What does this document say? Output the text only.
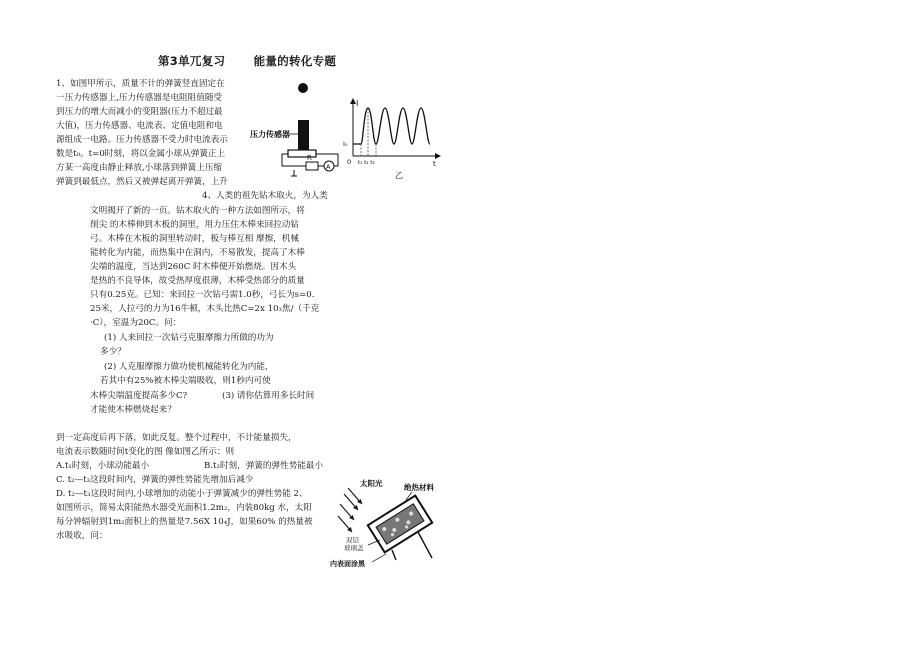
第3单兀复习 能量的转化专题
1、如图甲所示，质量不计的弹簧竖直固定在
一压力传感器上,压力传感器是电阻阻值随受
到压力的增大而减小的变阻器(压力不超过最
大值)，压力传感器、电流表、定值电阻和电
源组成一电路。压力传感器不受力时电流表示
数是t₀。t=0时刻，将以金属小球从弹簧正上
方某一高度由静止释放,小球落到弹簧上压缩
弹簧到最低点，然后又被弹起离开弹簧，上升
压力传感器
R
A
I
I₀
0 t₁ t₂ t₃	t
乙
4、人类的祖先钻木取火，为人类
文明揭开了新的一页。钻木取火的一种方法如图所示，将
削尖 的木棒伸到木板的洞里，用力压住木棒来回拉动钻
弓。木棒在木板的洞里转动时，板与棒互相 摩擦，机械
能转化为内能，而热集中在洞内，不易散发，提高了木棒
尖端的温度，当达到260C 时木棒便开始燃烧。因木头
是热的不良导体，故受热厚度很薄，木棒受热部分的质量
只有0.25克。已知：来回拉一次钻弓需1.0秒，弓长为s=0.
25米，人拉弓的力为16牛顿，木头比热C=2x 10₃焦/（千克
·C），室温为20C。问：
(1) 人来回拉一次钻弓克服摩擦力所做的功为
多少？
(2) 人克服摩擦力做功使机械能转化为内能，
若其中有25%被木棒尖端吸收，则1秒内可使
木棒尖端温度提高多少C?	(3) 请你估算用多长时间
才能使木棒燃烧起来？
到一定高度后再下落，如此反复。整个过程中，不计能量损失，
电流表示数随时间t变化的图 像如图乙所示：则
A.t₁时刻，小球动能最小	B.t₂时刻，弹簧的弹性势能最小
C. t₂—t₃这段时间内，弹簧的弹性势能先增加后减少
D. t₂—t₃这段时间内,小球增加的动能小于弹簧减少的弹性势能 2、
如图所示，简易太阳能热水器受光面积1.2m₂，内装80kg 水，太阳
每分钟辐射到1m₂面积上的热量是7.56X 10₄J，如果60% 的热量被
水吸收，问：
太阳光	绝热材料
双层
玻璃盖
内表面涂黑
